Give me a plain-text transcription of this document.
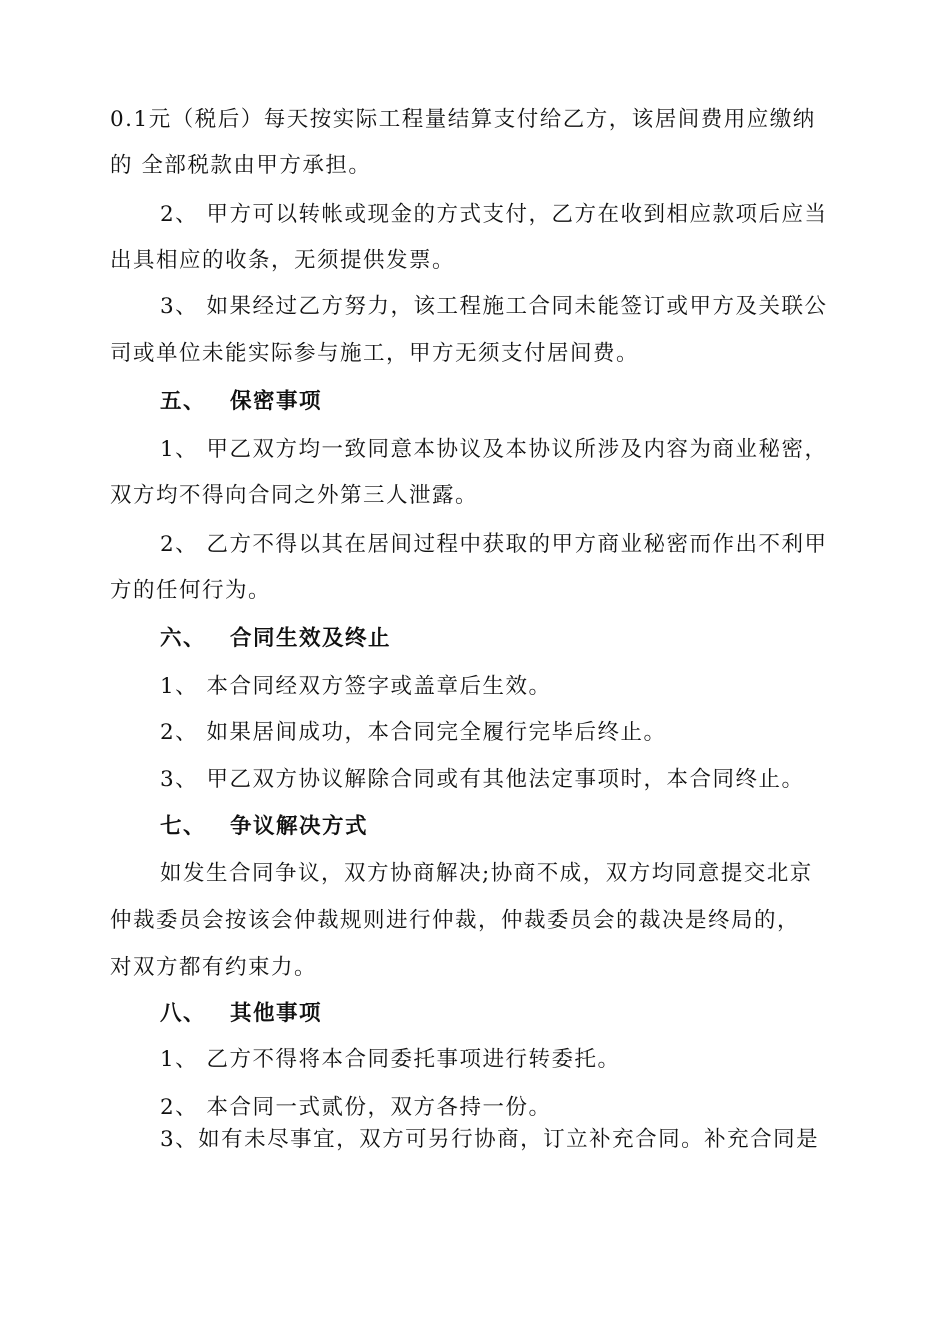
0.1元（税后）每天按实际工程量结算支付给乙方，该居间费用应缴纳
的 全部税款由甲方承担。
2、 甲方可以转帐或现金的方式支付，乙方在收到相应款项后应当
出具相应的收条，无须提供发票。
3、 如果经过乙方努力，该工程施工合同未能签订或甲方及关联公
司或单位未能实际参与施工，甲方无须支付居间费。
五、 保密事项
1、 甲乙双方均一致同意本协议及本协议所涉及内容为商业秘密，
双方均不得向合同之外第三人泄露。
2、 乙方不得以其在居间过程中获取的甲方商业秘密而作出不利甲
方的任何行为。
六、 合同生效及终止
1、 本合同经双方签字或盖章后生效。
2、 如果居间成功，本合同完全履行完毕后终止。
3、 甲乙双方协议解除合同或有其他法定事项时，本合同终止。
七、 争议解决方式
如发生合同争议，双方协商解决;协商不成，双方均同意提交北京
仲裁委员会按该会仲裁规则进行仲裁，仲裁委员会的裁决是终局的，
对双方都有约束力。
八、 其他事项
1、 乙方不得将本合同委托事项进行转委托。
2、 本合同一式贰份，双方各持一份。
3、如有未尽事宜，双方可另行协商，订立补充合同。补充合同是
